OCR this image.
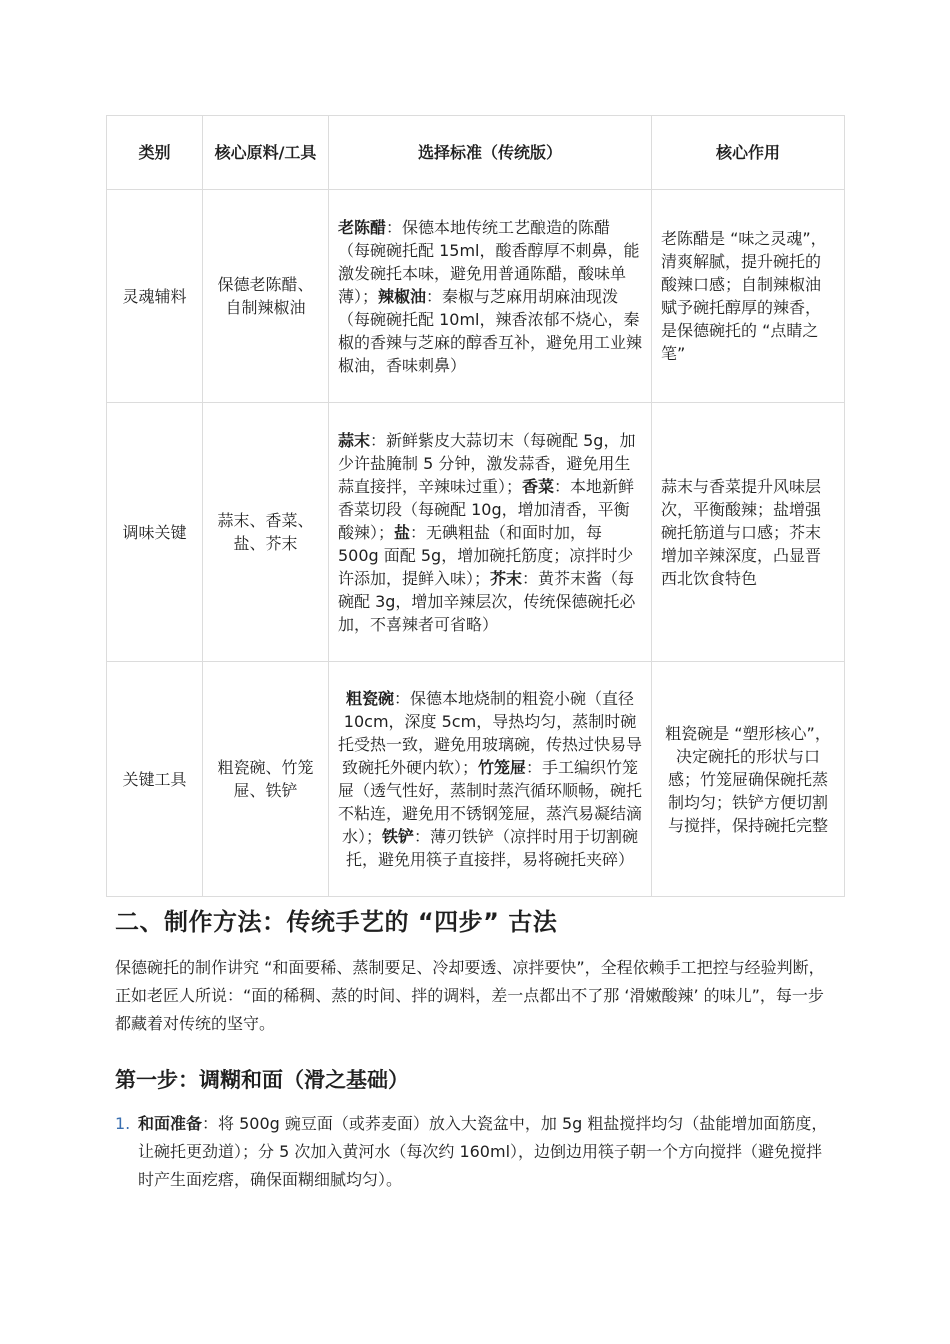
类别	核心原料/工具	选择标准（传统版）	核心作用
灵魂辅料	保德老陈醋、自制辣椒油	老陈醋：保德本地传统工艺酿造的陈醋（每碗碗托配 15ml，酸香醇厚不刺鼻，能激发碗托本味，避免用普通陈醋，酸味单薄）；辣椒油：秦椒与芝麻用胡麻油现泼（每碗碗托配 10ml，辣香浓郁不烧心，秦椒的香辣与芝麻的醇香互补，避免用工业辣椒油，香味刺鼻）	老陈醋是 “味之灵魂”，清爽解腻，提升碗托的酸辣口感；自制辣椒油赋予碗托醇厚的辣香，是保德碗托的 “点睛之笔”
调味关键	蒜末、香菜、盐、芥末	蒜末：新鲜紫皮大蒜切末（每碗配 5g，加少许盐腌制 5 分钟，激发蒜香，避免用生蒜直接拌，辛辣味过重）；香菜：本地新鲜香菜切段（每碗配 10g，增加清香，平衡酸辣）；盐：无碘粗盐（和面时加，每 500g 面配 5g，增加碗托筋度；凉拌时少许添加，提鲜入味）；芥末：黄芥末酱（每碗配 3g，增加辛辣层次，传统保德碗托必加，不喜辣者可省略）	蒜末与香菜提升风味层次，平衡酸辣；盐增强碗托筋道与口感；芥末增加辛辣深度，凸显晋西北饮食特色
关键工具	粗瓷碗、竹笼屉、铁铲	粗瓷碗：保德本地烧制的粗瓷小碗（直径 10cm，深度 5cm，导热均匀，蒸制时碗托受热一致，避免用玻璃碗，传热过快易导致碗托外硬内软）；竹笼屉：手工编织竹笼屉（透气性好，蒸制时蒸汽循环顺畅，碗托不粘连，避免用不锈钢笼屉，蒸汽易凝结滴水）；铁铲：薄刃铁铲（凉拌时用于切割碗托，避免用筷子直接拌，易将碗托夹碎）	粗瓷碗是 “塑形核心”，决定碗托的形状与口感；竹笼屉确保碗托蒸制均匀；铁铲方便切割与搅拌，保持碗托完整
二、制作方法：传统手艺的 “四步” 古法

保德碗托的制作讲究 “和面要稀、蒸制要足、冷却要透、凉拌要快”，全程依赖手工把控与经验判断，正如老匠人所说：“面的稀稠、蒸的时间、拌的调料，差一点都出不了那 ‘滑嫩酸辣’ 的味儿”，每一步都藏着对传统的坚守。

第一步：调糊和面（滑之基础）
1. 和面准备：将 500g 豌豆面（或荞麦面）放入大瓷盆中，加 5g 粗盐搅拌均匀（盐能增加面筋度，让碗托更劲道）；分 5 次加入黄河水（每次约 160ml），边倒边用筷子朝一个方向搅拌（避免搅拌时产生面疙瘩，确保面糊细腻均匀）。
